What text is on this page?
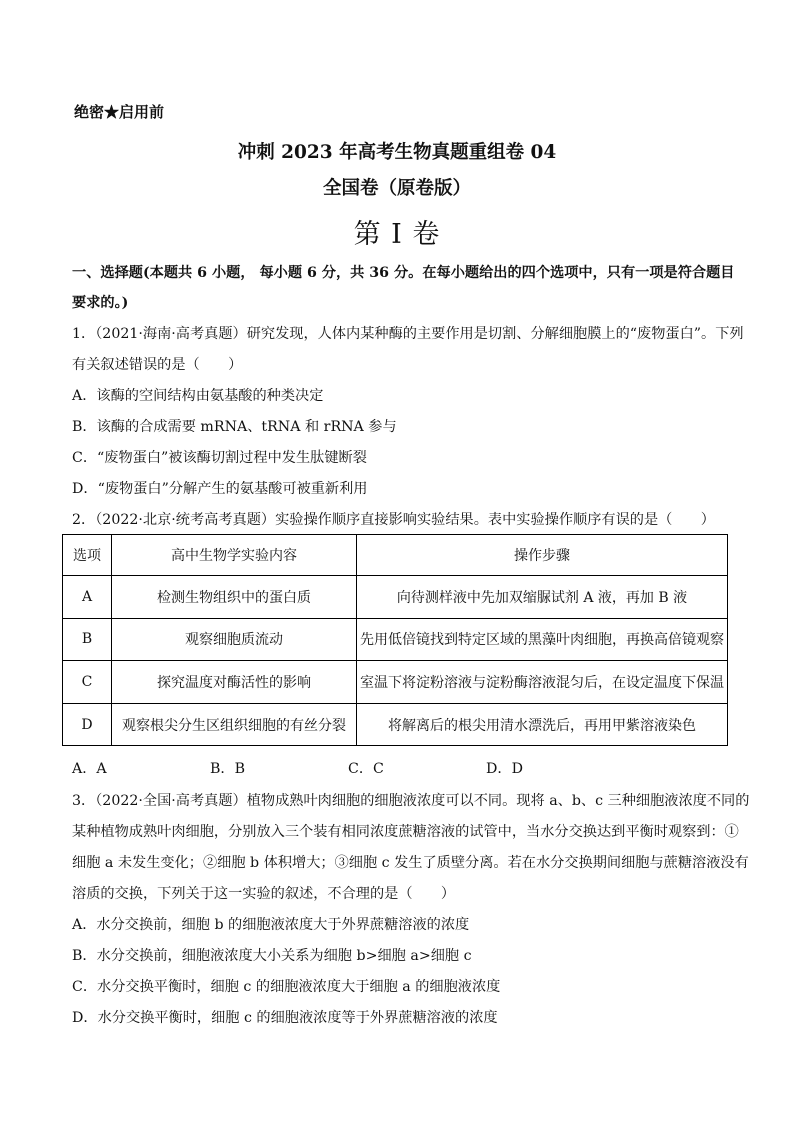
绝密★启用前
冲刺 2023 年高考生物真题重组卷 04
全国卷（原卷版）
第 I 卷
一、选择题(本题共 6 小题， 每小题 6 分，共 36 分。在每小题给出的四个选项中，只有一项是符合题目
要求的。)
1．（2021·海南·高考真题）研究发现，人体内某种酶的主要作用是切割、分解细胞膜上的“废物蛋白”。下列
有关叙述错误的是（　　）
A．该酶的空间结构由氨基酸的种类决定
B．该酶的合成需要 mRNA、tRNA 和 rRNA 参与
C．“废物蛋白”被该酶切割过程中发生肽键断裂
D．“废物蛋白”分解产生的氨基酸可被重新利用
2．（2022·北京·统考高考真题）实验操作顺序直接影响实验结果。表中实验操作顺序有误的是（　　）
选项	高中生物学实验内容	操作步骤
A	检测生物组织中的蛋白质	向待测样液中先加双缩脲试剂 A 液，再加 B 液
B	观察细胞质流动	先用低倍镜找到特定区域的黑藻叶肉细胞，再换高倍镜观察
C	探究温度对酶活性的影响	室温下将淀粉溶液与淀粉酶溶液混匀后，在设定温度下保温
D	观察根尖分生区组织细胞的有丝分裂	将解离后的根尖用清水漂洗后，再用甲紫溶液染色
A．A	B．B	C．C	D．D
3．（2022·全国·高考真题）植物成熟叶肉细胞的细胞液浓度可以不同。现将 a、b、c 三种细胞液浓度不同的
某种植物成熟叶肉细胞，分别放入三个装有相同浓度蔗糖溶液的试管中，当水分交换达到平衡时观察到：①
细胞 a 未发生变化；②细胞 b 体积增大；③细胞 c 发生了质壁分离。若在水分交换期间细胞与蔗糖溶液没有
溶质的交换，下列关于这一实验的叙述，不合理的是（　　）
A．水分交换前，细胞 b 的细胞液浓度大于外界蔗糖溶液的浓度
B．水分交换前，细胞液浓度大小关系为细胞 b>细胞 a>细胞 c
C．水分交换平衡时，细胞 c 的细胞液浓度大于细胞 a 的细胞液浓度
D．水分交换平衡时，细胞 c 的细胞液浓度等于外界蔗糖溶液的浓度
